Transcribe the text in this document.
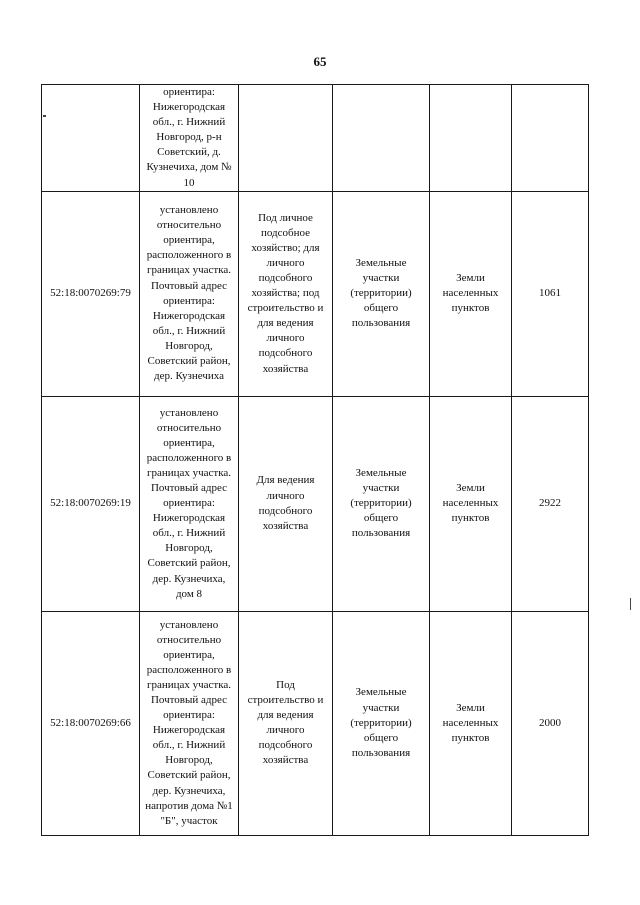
65
	ориентира: Нижегородская обл., г. Нижний Новгород, р-н Советский, д. Кузнечиха, дом № 10				
52:18:0070269:79	установлено относительно ориентира, расположенного в границах участка. Почтовый адрес ориентира: Нижегородская обл., г. Нижний Новгород, Советский район, дер. Кузнечиха	Под личное подсобное хозяйство; для личного подсобного хозяйства; под строительство и для ведения личного подсобного хозяйства	Земельные участки (территории) общего пользования	Земли населенных пунктов	1061
52:18:0070269:19	установлено относительно ориентира, расположенного в границах участка. Почтовый адрес ориентира: Нижегородская обл., г. Нижний Новгород, Советский район, дер. Кузнечиха, дом 8	Для ведения личного подсобного хозяйства	Земельные участки (территории) общего пользования	Земли населенных пунктов	2922
52:18:0070269:66	установлено относительно ориентира, расположенного в границах участка. Почтовый адрес ориентира: Нижегородская обл., г. Нижний Новгород, Советский район, дер. Кузнечиха, напротив дома №1 "Б", участок	Под строительство и для ведения личного подсобного хозяйства	Земельные участки (территории) общего пользования	Земли населенных пунктов	2000
